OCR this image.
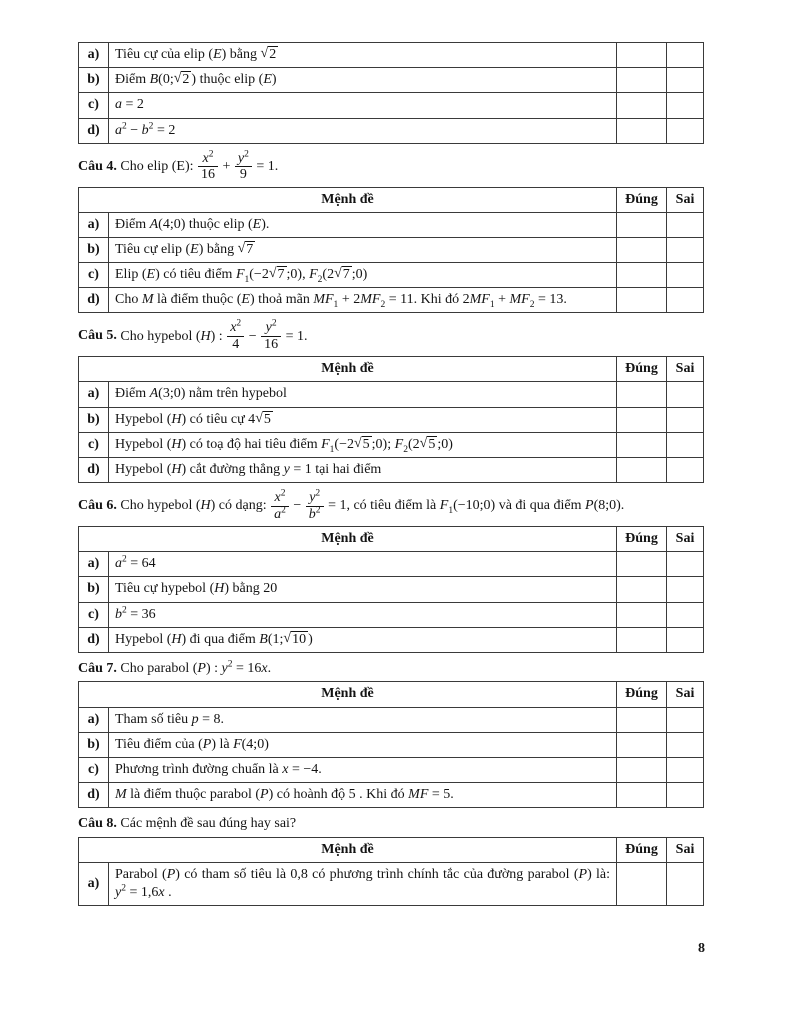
a)	Tiêu cự của elip (E) bằng √2		
b)	Điểm B(0;√2 ) thuộc elip (E)		
c)	a = 2		
d)	$a^2 - b^2 = 2$		

Câu 4. Cho elip (E): $\frac{x^2}{16} + \frac{y^2}{9} = 1$.

Mệnh đề		Đúng	Sai
a)	Điểm A(4;0) thuộc elip (E).		
b)	Tiêu cự elip (E) bằng √7		
c)	Elip (E) có tiêu điểm $F_1(-2√7$ ;0), $F_2(2√7$ ;0)		
d)	Cho M là điểm thuộc (E) thoả mãn $MF_1 + 2MF_2 = 11$. Khi đó $2MF_1 + MF_2 = 13$.		

Câu 5. Cho hypebol (H) : $\frac{x^2}{4} - \frac{y^2}{16} = 1$.

Mệnh đề		Đúng	Sai
a)	Điểm A(3;0) nằm trên hypebol		
b)	Hypebol (H) có tiêu cự 4√5		
c)	Hypebol (H) có toạ độ hai tiêu điểm $F_1(-2√5$ ;0); $F_2(2√5$ ;0)		
d)	Hypebol (H) cắt đường thẳng y = 1 tại hai điểm		

Câu 6. Cho hypebol (H) có dạng: $\frac{x^2}{a^2} - \frac{y^2}{b^2} = 1$, có tiêu điểm là $F_1(-10;0)$ và đi qua điểm P(8;0).

Mệnh đề		Đúng	Sai
a)	$a^2 = 64$		
b)	Tiêu cự hypebol (H) bằng 20		
c)	$b^2 = 36$		
d)	Hypebol (H) đi qua điểm B(1;√10 )		

Câu 7. Cho parabol (P) : $y^2 = 16x$.

Mệnh đề		Đúng	Sai
a)	Tham số tiêu p = 8.		
b)	Tiêu điểm của (P) là F(4;0)		
c)	Phương trình đường chuẩn là x = −4.		
d)	M là điểm thuộc parabol (P) có hoành độ 5 . Khi đó MF = 5.		

Câu 8. Các mệnh đề sau đúng hay sai?

Mệnh đề		Đúng	Sai
a)	Parabol (P) có tham số tiêu là 0,8 có phương trình chính tắc của đường parabol (P) là: $y^2 = 1,6x$ .		
8
